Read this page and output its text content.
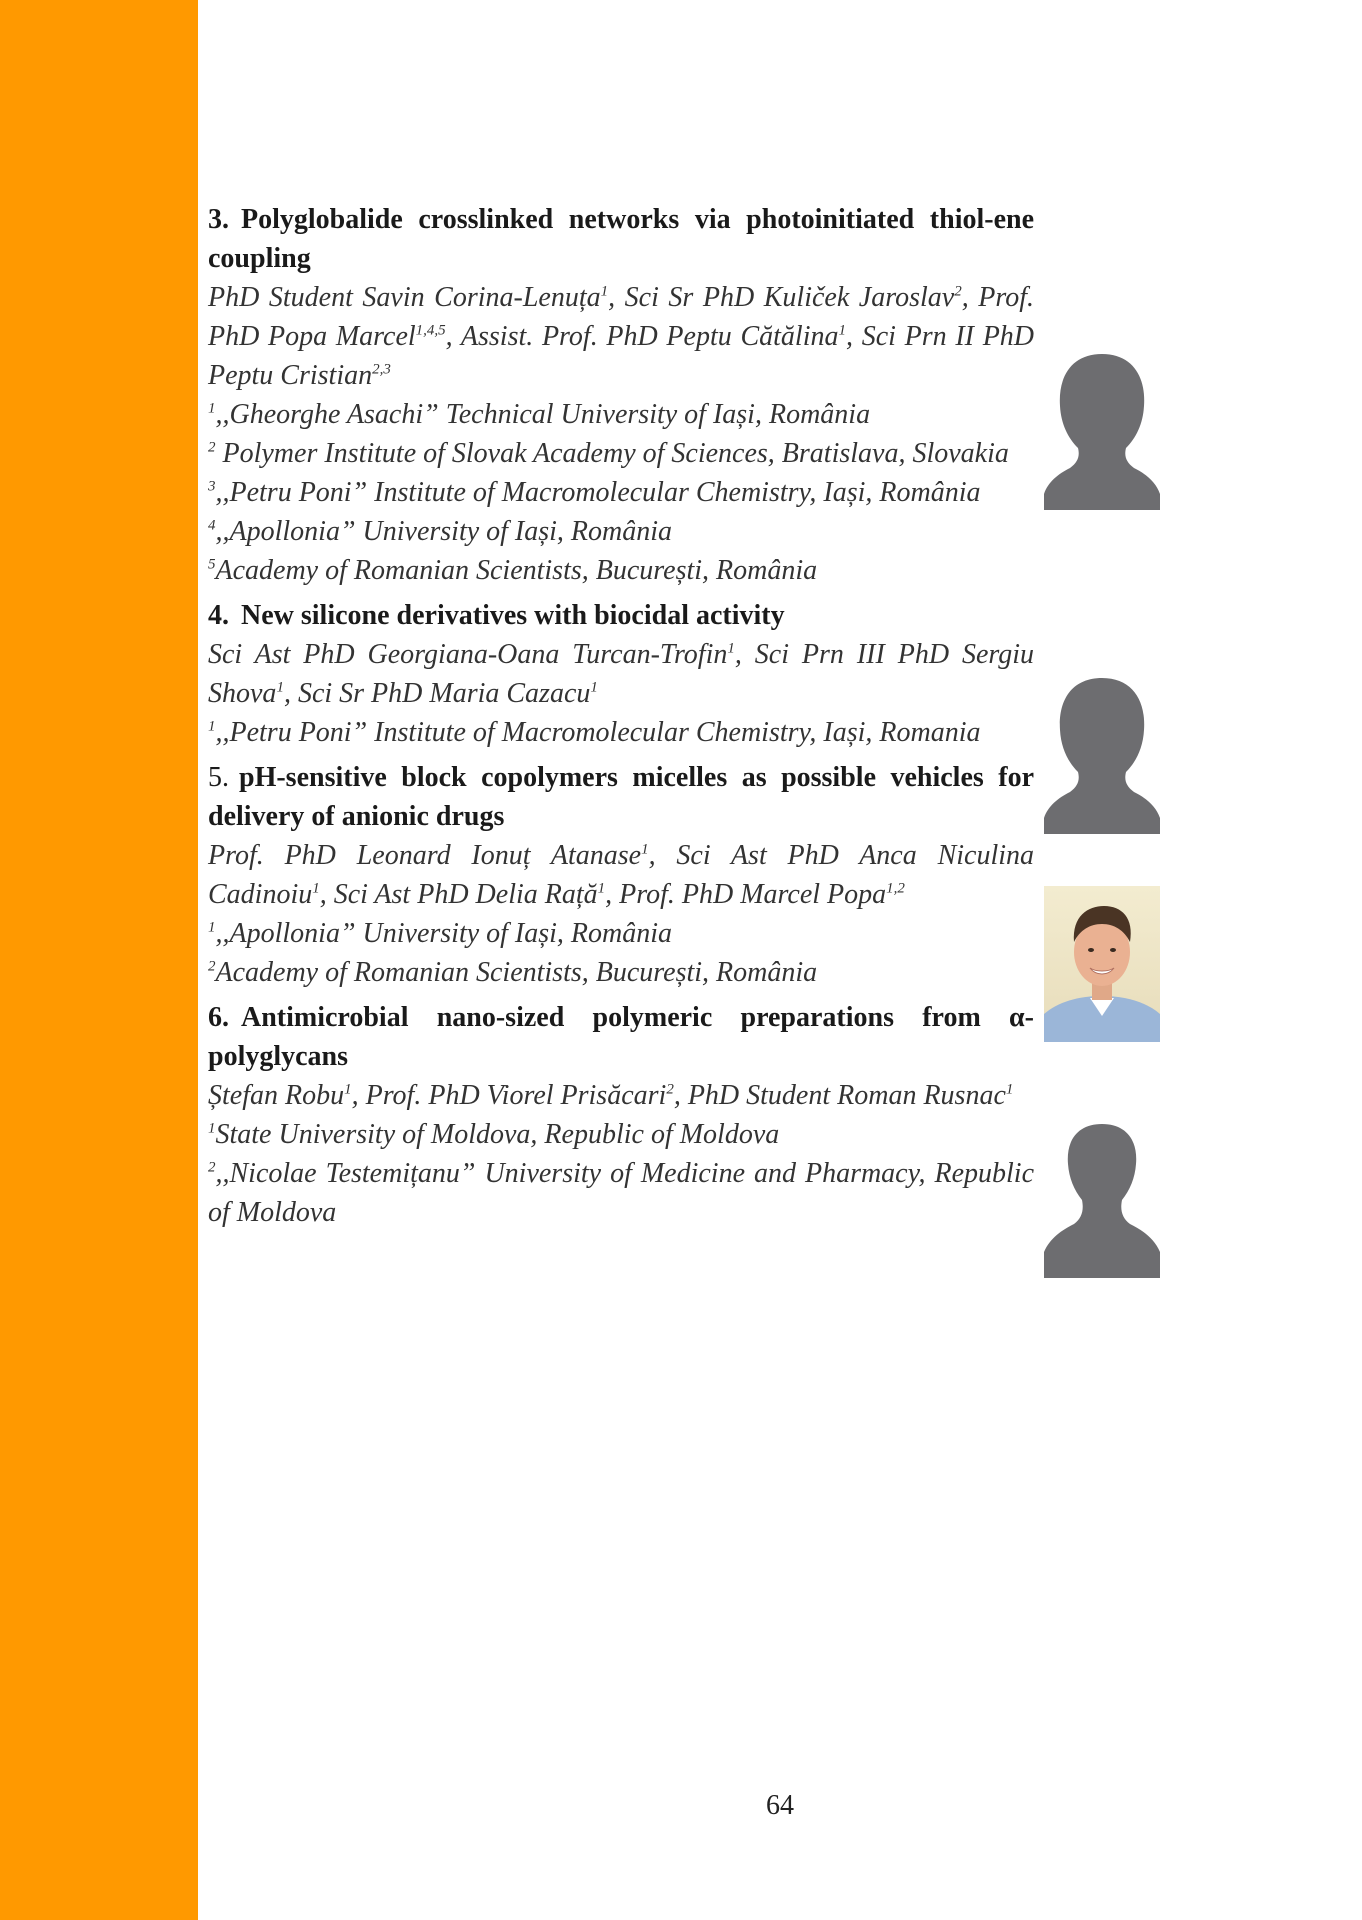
3. Polyglobalide crosslinked networks via photoinitiated thiol-ene coupling
PhD Student Savin Corina-Lenuța$^1$, Sci Sr PhD Kuliček Jaroslav$^2$, Prof. PhD Popa Marcel$^{1,4,5}$, Assist. Prof. PhD Peptu Cătălina$^1$, Sci Prn II PhD Peptu Cristian$^{2,3}$
$^1$,,Gheorghe Asachi” Technical University of Iași, România
$^2$ Polymer Institute of Slovak Academy of Sciences, Bratislava, Slovakia
$^3$,,Petru Poni” Institute of Macromolecular Chemistry, Iași, România
$^4$,,Apollonia” University of Iași, România
$^5$Academy of Romanian Scientists, București, România
4. New silicone derivatives with biocidal activity
Sci Ast PhD Georgiana-Oana Turcan-Trofin$^1$, Sci Prn III PhD Sergiu Shova$^1$, Sci Sr PhD Maria Cazacu$^1$
$^1$,,Petru Poni” Institute of Macromolecular Chemistry, Iași, Romania
5. pH-sensitive block copolymers micelles as possible vehicles for delivery of anionic drugs
Prof. PhD Leonard Ionuț Atanase$^1$, Sci Ast PhD Anca Niculina Cadinoiu$^1$, Sci Ast PhD Delia Rață$^1$, Prof. PhD Marcel Popa$^{1,2}$
$^1$,,Apollonia” University of Iași, România
$^2$Academy of Romanian Scientists, București, România
6. Antimicrobial nano-sized polymeric preparations from α-polyglycans
Ștefan Robu$^1$, Prof. PhD Viorel Prisăcari$^2$, PhD Student Roman Rusnac$^1$
$^1$State University of Moldova, Republic of Moldova
$^2$,,Nicolae Testemițanu” University of Medicine and Pharmacy, Republic of Moldova
64
